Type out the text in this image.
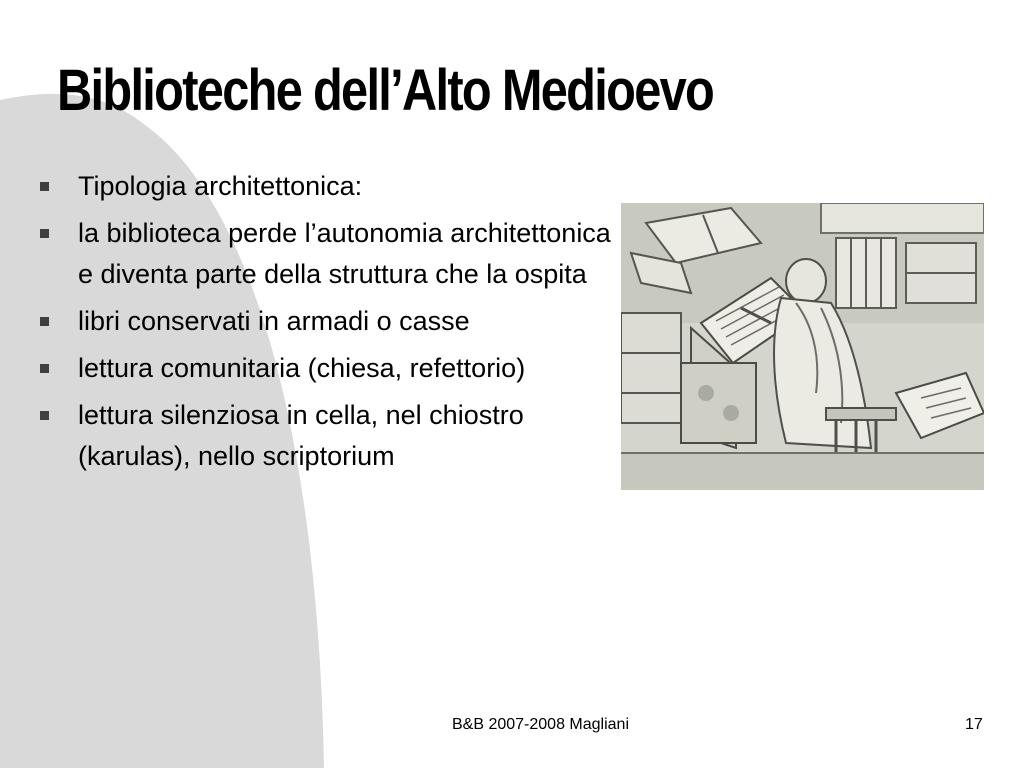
Biblioteche dell’Alto Medioevo
Tipologia architettonica:
la biblioteca perde l’autonomia architettonica e diventa parte della struttura che la ospita
libri conservati in armadi o casse
lettura comunitaria (chiesa, refettorio)
lettura silenziosa in cella, nel chiostro (karulas), nello scriptorium
B&B 2007-2008 Magliani	17
